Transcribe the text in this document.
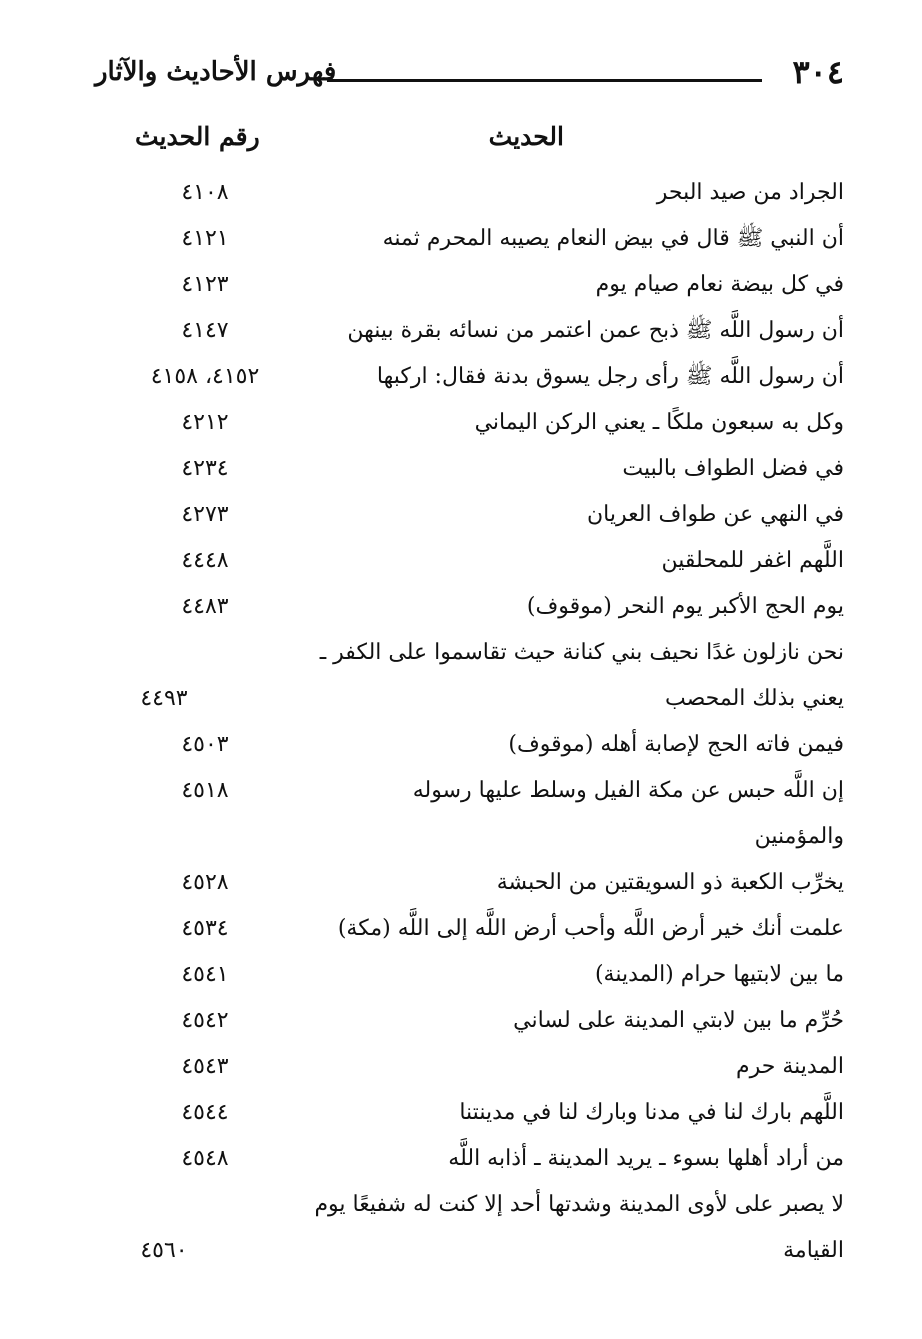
٣٠٤
فهرس الأحاديث والآثار
الحديث
رقم الحديث
الجراد من صيد البحر
٤١٠٨
أن النبي ﷺ قال في بيض النعام يصيبه المحرم ثمنه
٤١٢١
في كل بيضة نعام صيام يوم
٤١٢٣
أن رسول اللَّه ﷺ ذبح عمن اعتمر من نسائه بقرة بينهن
٤١٤٧
أن رسول اللَّه ﷺ رأى رجل يسوق بدنة فقال: اركبها
٤١٥٢، ٤١٥٨
وكل به سبعون ملكًا ـ يعني الركن اليماني
٤٢١٢
في فضل الطواف بالبيت
٤٢٣٤
في النهي عن طواف العريان
٤٢٧٣
اللَّهم اغفر للمحلقين
٤٤٤٨
يوم الحج الأكبر يوم النحر (موقوف)
٤٤٨٣
نحن نازلون غدًا نحيف بني كنانة حيث تقاسموا على الكفر ـ
يعني بذلك المحصب
٤٤٩٣
فيمن فاته الحج لإصابة أهله (موقوف)
٤٥٠٣
إن اللَّه حبس عن مكة الفيل وسلط عليها رسوله والمؤمنين
٤٥١٨
يخرِّب الكعبة ذو السويقتين من الحبشة
٤٥٢٨
علمت أنك خير أرض اللَّه وأحب أرض اللَّه إلى اللَّه (مكة)
٤٥٣٤
ما بين لابتيها حرام (المدينة)
٤٥٤١
حُرِّم ما بين لابتي المدينة على لساني
٤٥٤٢
المدينة حرم
٤٥٤٣
اللَّهم بارك لنا في مدنا وبارك لنا في مدينتنا
٤٥٤٤
من أراد أهلها بسوء ـ يريد المدينة ـ أذابه اللَّه
٤٥٤٨
لا يصبر على لأوى المدينة وشدتها أحد إلا كنت له شفيعًا يوم
القيامة
٤٥٦٠
